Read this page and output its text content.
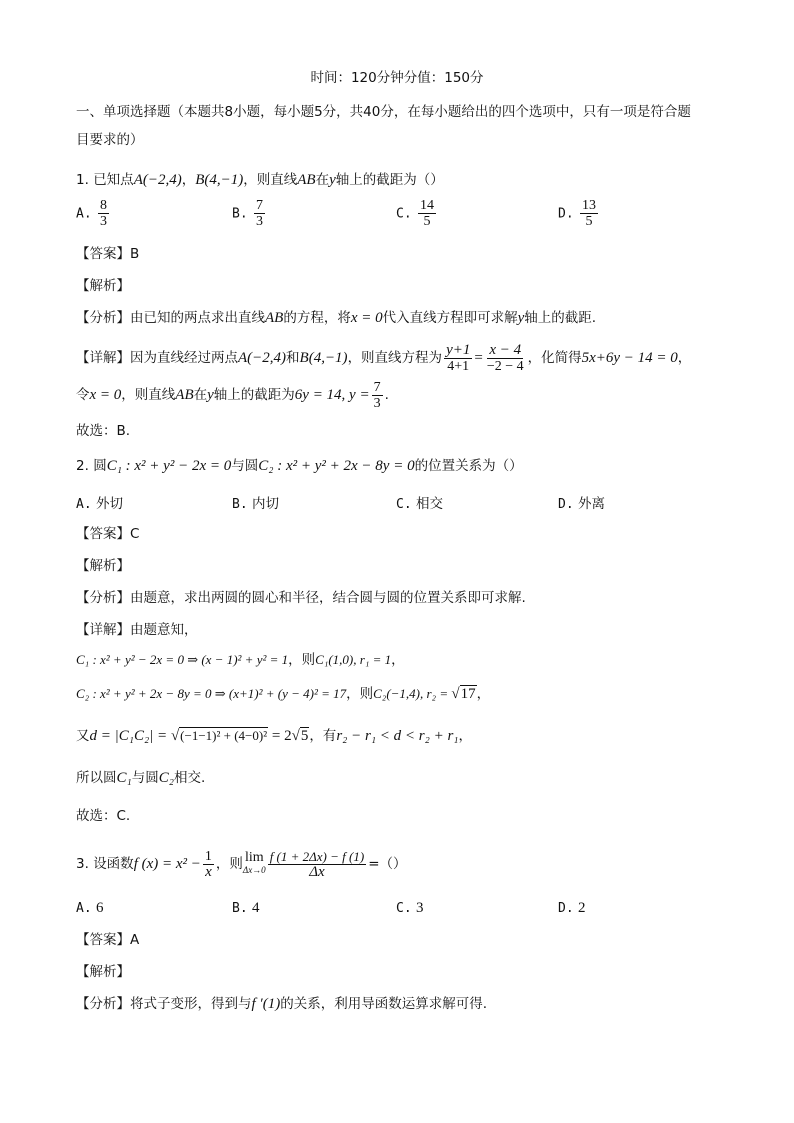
时间：120分钟分值：150分
一、单项选择题（本题共8小题，每小题5分，共40分，在每小题给出的四个选项中，只有一项是符合题
目要求的）
1. 已知点A(−2,4)，B(4,−1)，则直线AB在y轴上的截距为（）
A. $\frac{8}{3}$	B. $\frac{7}{3}$	C. $\frac{14}{5}$	D. $\frac{13}{5}$
【答案】B
【解析】
【分析】由已知的两点求出直线AB的方程，将x = 0代入直线方程即可求解y轴上的截距.
【详解】因为直线经过两点A(−2,4)和B(4,−1)，则直线方程为 $\frac{y+1}{4+1} = \frac{x - 4}{-2 - 4}$ ，化简得5x+6y − 14 = 0，
令x = 0，则直线AB在y轴上的截距为6y = 14, $y = \frac{7}{3}$ .
故选：B.
2. 圆C₁ : x² + y² − 2x = 0与圆C₂ : x² + y² + 2x − 8y = 0的位置关系为（）
A. 外切	B. 内切	C. 相交	D. 外离
【答案】C
【解析】
【分析】由题意，求出两圆的圆心和半径，结合圆与圆的位置关系即可求解.
【详解】由题意知，
C₁ : x² + y² − 2x = 0 ⇒ (x − 1)² + y² = 1，则C₁(1,0), r₁ = 1，
C₂ : x² + y² + 2x − 8y = 0 ⇒ (x+1)² + (y − 4)² = 17，则C₂(−1,4), r₂ = √17，
又d = |C₁C₂| = √(−1−1)² + (4−0)² = 2√5，有r₂ − r₁ < d < r₂ + r₁，
所以圆C₁与圆C₂相交.
故选：C.
3. 设函数f $(x) = x^2 - \frac{1}{x}$ ，则 lim
$\Delta x\to 0 \frac{f (1 + 2\Delta x) - f (1)}{\Delta x}$ =（）
A. 6	B. 4	C. 3	D. 2
【答案】A
【解析】
【分析】将式子变形，得到与f ′(1)的关系，利用导函数运算求解可得.
